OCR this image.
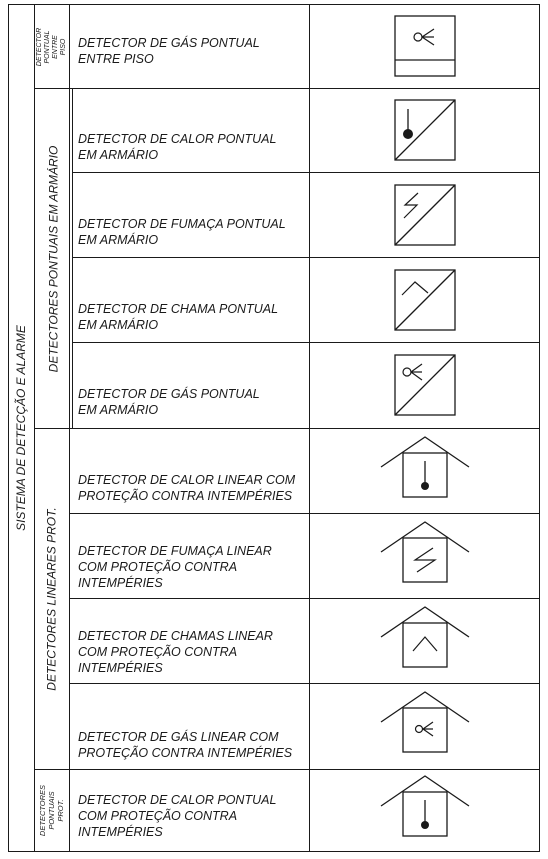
SISTEMA DE DETECÇÃO E ALARME
DETECTOR PONTUAL ENTRE PISO
DETECTORES PONTUAIS EM ARMÁRIO
DETECTORES LINEARES PROT.
DETECTORES PONTUAIS PROT.
DETECTOR DE GÁS PONTUAL
ENTRE PISO
DETECTOR DE CALOR PONTUAL
EM ARMÁRIO
DETECTOR DE FUMAÇA PONTUAL
EM ARMÁRIO
DETECTOR DE CHAMA PONTUAL
EM ARMÁRIO
DETECTOR DE GÁS PONTUAL
EM ARMÁRIO
DETECTOR DE CALOR LINEAR COM
PROTEÇÃO CONTRA INTEMPÉRIES
DETECTOR DE FUMAÇA LINEAR
COM PROTEÇÃO CONTRA
INTEMPÉRIES
DETECTOR DE CHAMAS LINEAR
COM PROTEÇÃO CONTRA
INTEMPÉRIES
DETECTOR DE GÁS LINEAR COM
PROTEÇÃO CONTRA INTEMPÉRIES
DETECTOR DE CALOR PONTUAL
COM PROTEÇÃO CONTRA
INTEMPÉRIES
